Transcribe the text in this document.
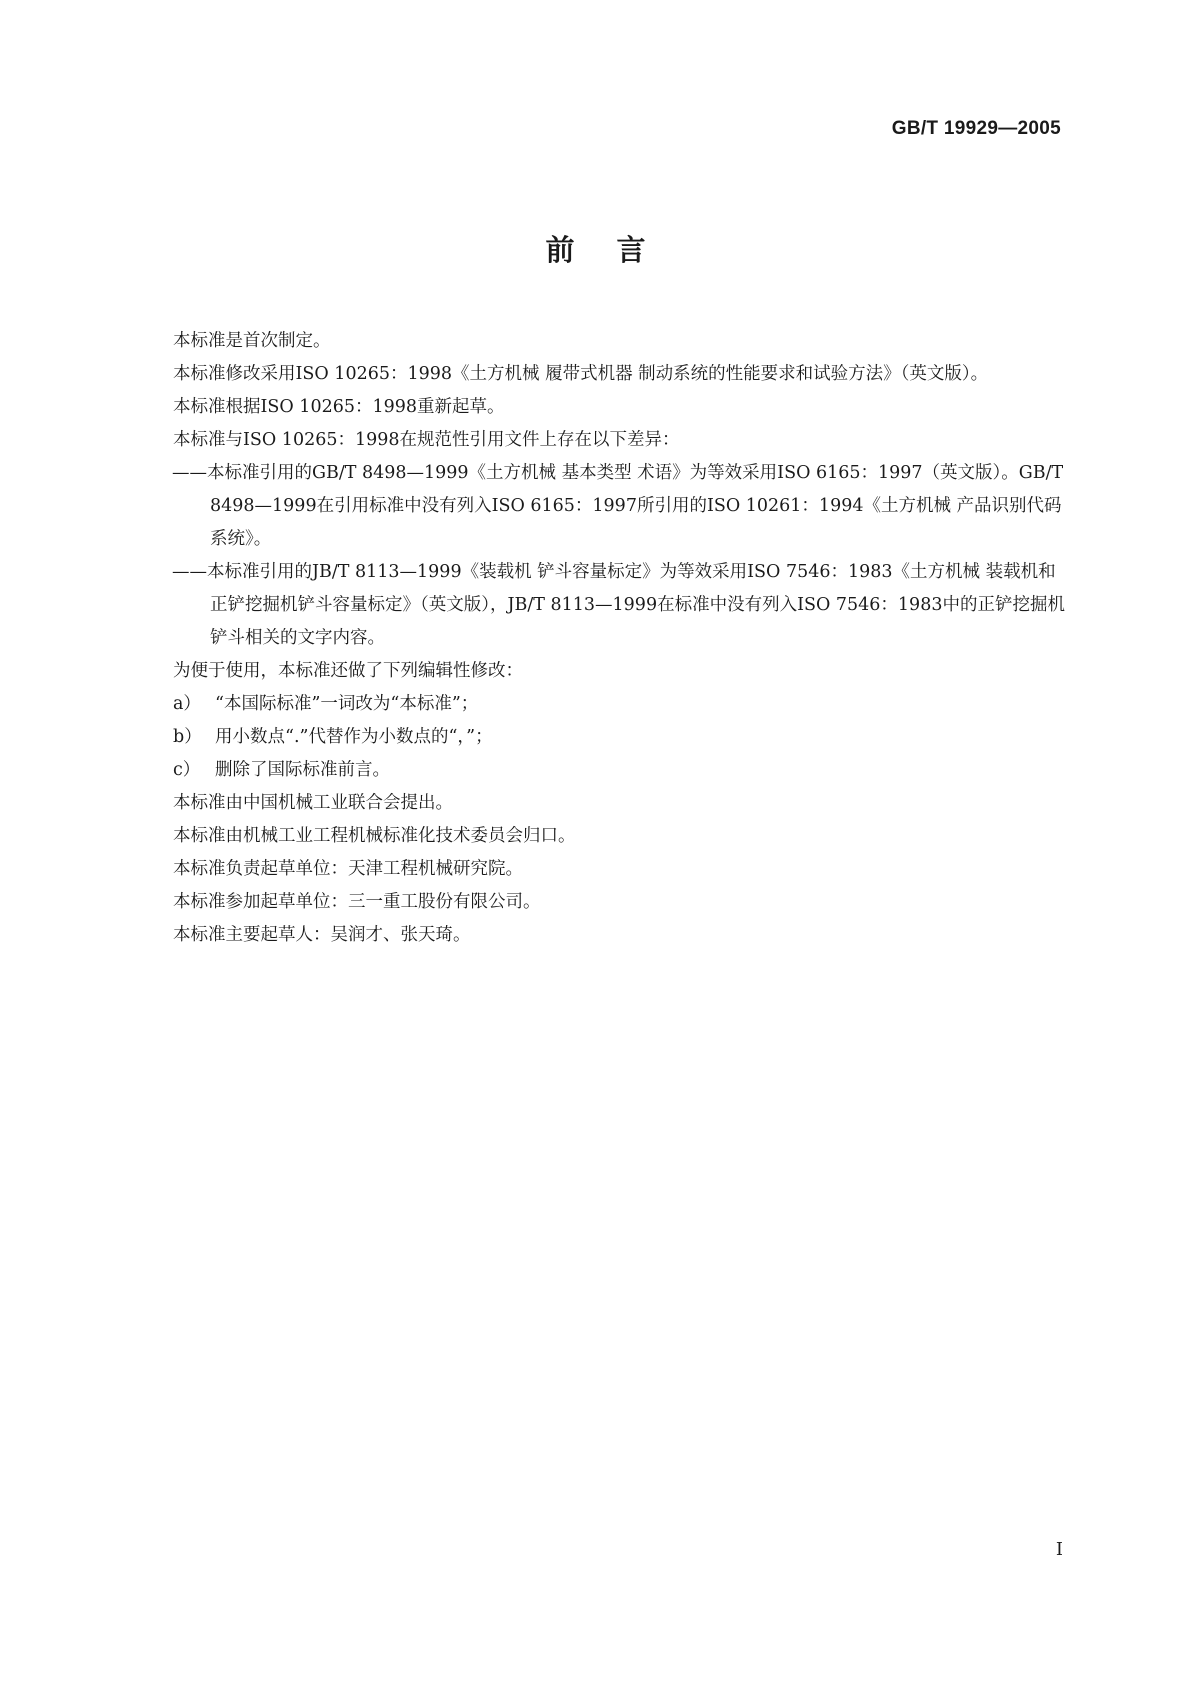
GB/T 19929—2005
前言

本标准是首次制定。

本标准修改采用ISO 10265：1998《土方机械 履带式机器 制动系统的性能要求和试验方法》（英文版）。

本标准根据ISO 10265：1998重新起草。

本标准与ISO 10265：1998在规范性引用文件上存在以下差异：

——本标准引用的GB/T 8498—1999《土方机械 基本类型 术语》为等效采用ISO 6165：1997（英文版）。GB/T 8498—1999在引用标准中没有列入ISO 6165：1997所引用的ISO 10261：1994《土方机械 产品识别代码系统》。

——本标准引用的JB/T 8113—1999《装载机 铲斗容量标定》为等效采用ISO 7546：1983《土方机械 装载机和正铲挖掘机铲斗容量标定》（英文版），JB/T 8113—1999在标准中没有列入ISO 7546：1983中的正铲挖掘机铲斗相关的文字内容。

为便于使用，本标准还做了下列编辑性修改：

a） “本国际标准”一词改为“本标准”；

b） 用小数点“.”代替作为小数点的“，”；

c） 删除了国际标准前言。

本标准由中国机械工业联合会提出。

本标准由机械工业工程机械标准化技术委员会归口。

本标准负责起草单位：天津工程机械研究院。

本标准参加起草单位：三一重工股份有限公司。

本标准主要起草人：吴润才、张天琦。

I
